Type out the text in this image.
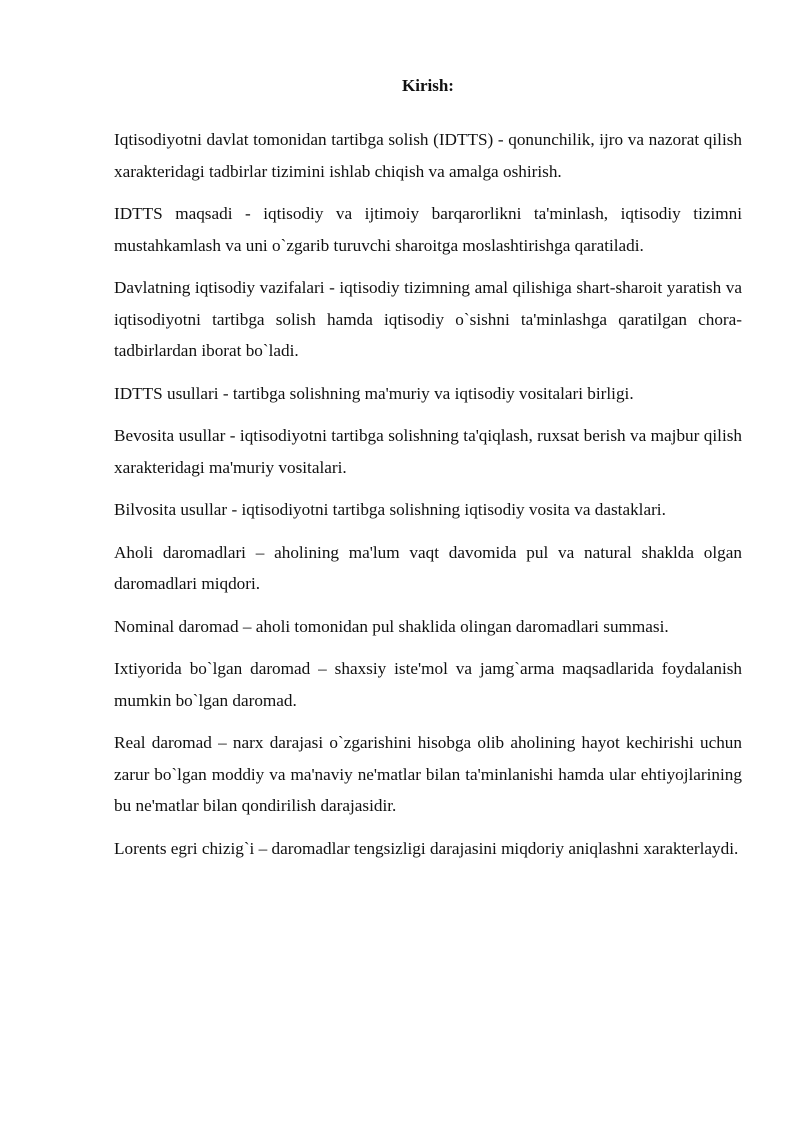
Kirish:

Iqtisodiyotni davlat tomonidan tartibga solish (IDTTS) - qonunchilik, ijro va nazorat qilish xarakteridagi tadbirlar tizimini ishlab chiqish va amalga oshirish.

IDTTS maqsadi - iqtisodiy va ijtimoiy barqarorlikni ta'minlash, iqtisodiy tizimni mustahkamlash va uni o`zgarib turuvchi sharoitga moslashtirishga qaratiladi.

Davlatning iqtisodiy vazifalari - iqtisodiy tizimning amal qilishiga shart-sharoit yaratish va iqtisodiyotni tartibga solish hamda iqtisodiy o`sishni ta'minlashga qaratilgan chora-tadbirlardan iborat bo`ladi.

IDTTS usullari - tartibga solishning ma'muriy va iqtisodiy vositalari birligi.

Bevosita usullar - iqtisodiyotni tartibga solishning ta'qiqlash, ruxsat berish va majbur qilish xarakteridagi ma'muriy vositalari.

Bilvosita usullar - iqtisodiyotni tartibga solishning iqtisodiy vosita va dastaklari.

Aholi daromadlari – aholining ma'lum vaqt davomida pul va natural shaklda olgan daromadlari miqdori.

Nominal daromad – aholi tomonidan pul shaklida olingan daromadlari summasi.

Ixtiyorida bo`lgan daromad – shaxsiy iste'mol va jamg`arma maqsadlarida foydalanish mumkin bo`lgan daromad.

Real daromad – narx darajasi o`zgarishini hisobga olib aholining hayot kechirishi uchun zarur bo`lgan moddiy va ma'naviy ne'matlar bilan ta'minlanishi hamda ular ehtiyojlarining bu ne'matlar bilan qondirilish darajasidir.

Lorents egri chizig`i – daromadlar tengsizligi darajasini miqdoriy aniqlashni xarakterlaydi.
